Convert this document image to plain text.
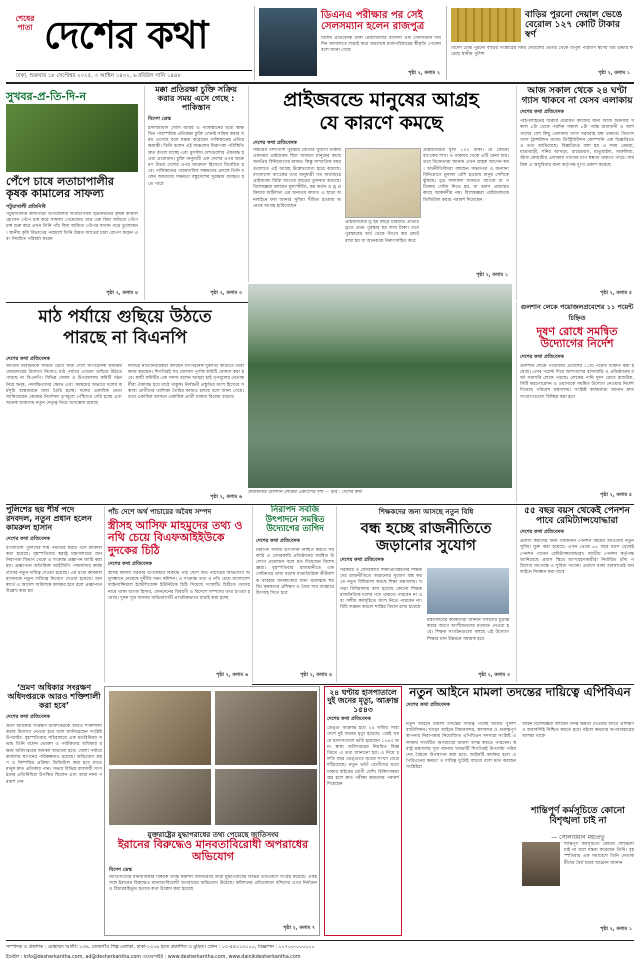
শেষের পাতা দেশের কথা
ঢাকা, শুক্রবার ১৮ সেপ্টেম্বর ২০২৫, ৩ আশ্বিন ১৪৩২, ৬ রবিউস সানি ১৪৪৮
ডিএনএ পরীক্ষার পর সেই সেলসম্যান হলেন রাজপুত্র
বিশেষ প্রতিবেদক ঢাকা নোয়াখালীর বাসিন্দা এক সেলসম্যান দীর্ঘদিন আদালতে লড়াই করে অবশেষে রাজপরিবারের স্বীকৃতি পেলেন বলে জানা গেছে
পৃষ্ঠা ২, কলাম ২
বাড়ির পুরনো দেয়াল ভেঙে বেরোল ১২৭ কোটি টাকার স্বর্ণ
বিদেশ ডেস্ক পুরনো বাড়ির সংস্কারের সময় দেয়ালের ভেতর থেকে বিপুল পরিমাণ স্বর্ণের বার উদ্ধার করেছে স্থানীয় পুলিশ
পৃষ্ঠা ২, কলাম ১
সুখবর-প্র-তি-দি-ন
পেঁপে চাষে লতাচাপালীর কৃষক কামালের সাফল্য
পটুয়াখালী প্রতিনিধি
পটুয়াখালীর কলাপাড়া উপজেলার লতাচাপালী ইউনিয়নের কৃষক কামাল হোসেন পেঁপে চাষ করে সাফল্য পেয়েছেন। মাত্র এক বিঘা জমিতে পেঁপে চাষ শুরু করে এখন তিনি পাঁচ বিঘা জমিতে পেঁপের বাগান গড়ে তুলেছেন। স্থানীয় কৃষি বিভাগের পরামর্শে তিনি উন্নত জাতের চারা রোপণ করেন এবং নিয়মিত পরিচর্যা করেন
পৃষ্ঠা ২, কলাম ৪
মক্কা প্রতিরক্ষা চুক্তি সক্রিয় করার সময় এসে গেছে : পাকিস্তান
বিদেশ ডেস্ক
ইসলামাবাদ সৌদি আরব ও পাকিস্তানের মধ্যে স্বাক্ষরিত পারস্পরিক প্রতিরক্ষা চুক্তি এখনই সক্রিয় করার সময় এসেছে বলে মন্তব্য করেছেন পাকিস্তানের প্রতিরক্ষামন্ত্রী। তিনি বলেন এই অঞ্চলের নিরাপত্তা পরিস্থিতি দ্রুত বদলে যাচ্ছে এবং মুসলিম দেশগুলোর ঐক্যবদ্ধ হওয়া প্রয়োজন। চুক্তি অনুযায়ী এক দেশের ওপর আক্রমণ উভয় দেশের ওপর আক্রমণ হিসেবে বিবেচিত হবে। পাকিস্তানের পারমাণবিক সক্ষমতার প্রসঙ্গে তিনি বলেন আমাদের সক্ষমতা বন্ধুদেশের সুরক্ষায় ব্যবহৃত হতে পারে
পৃষ্ঠা ২, কলাম ৩
প্রাইজবন্ডে মানুষের আগ্রহ
যে কারণে কমছে
দেশের কথা প্রতিবেদক
সঞ্চয়ের পাশাপাশি পুরস্কার জেতার সুযোগ থাকায় একসময় প্রাইজবন্ড ছিল সাধারণ মানুষের কাছে জনপ্রিয় বিনিয়োগের মাধ্যম। কিন্তু সাম্প্রতিক বছরগুলোতে এই আগ্রহ উল্লেখযোগ্য হারে কমেছে। বাংলাদেশ ব্যাংকের তথ্য অনুযায়ী গত অর্থবছরে প্রাইজবন্ড বিক্রি আগের বছরের তুলনায় কমেছে। বিশেষজ্ঞরা বলছেন মূল্যস্ফীতি, কর কর্তন ও ড্র প্রক্রিয়ার জটিলতা এর অন্যতম কারণ। এ ছাড়া অনলাইনে ফল জানার সুবিধা সীমিত হওয়ায় অনেকে আগ্রহ হারিয়েছেন
প্রাইজবন্ডের ড্র হয় বছরে চারবার। প্রতিটি ড্রতে প্রথম পুরস্কার ছয় লাখ টাকা। তবে পুরস্কারের অর্থ থেকে উৎসে কর কেটে রাখা হয় যা অনেককে নিরুৎসাহিত করে
প্রাইজবন্ডের মূল্য ১০০ টাকা। যে কোনো ব্যাংকের শাখা ও ডাকঘর থেকে এটি কেনা যায়। তবে বিক্রেতারা জানান এখন গ্রাহক আসেন কম। অর্থনীতিবিদরা বলছেন সঞ্চয়পত্র ও অন্যান্য বিনিয়োগে মুনাফা বেশি হওয়ায় মানুষ সেদিকে ঝুঁকছে। ড্রর ফলাফল জানতে ব্যাংকে বা পত্রিকায় খোঁজ নিতে হয়, যা তরুণ প্রজন্মের কাছে আকর্ষণীয় নয়। বিশেষজ্ঞরা প্রাইজবন্ডকে ডিজিটাল করার পরামর্শ দিয়েছেন
পৃষ্ঠা ২, কলাম ১
আজ সকাল থেকে ২৪ ঘণ্টা গ্যাস থাকবে না যেসব এলাকায়
দেশের কথা প্রতিবেদক
পাইপলাইনের জরুরি মেরামত কাজের জন্য আজ শুক্রবার সকাল ৮টা থেকে পরদিন সকাল ৮টা পর্যন্ত রাজধানী ও আশপাশের বেশ কিছু এলাকায় গ্যাস সরবরাহ বন্ধ থাকবে। তিতাস গ্যাস ট্রান্সমিশন অ্যান্ড ডিস্ট্রিবিউশন কোম্পানি এক বিজ্ঞপ্তিতে এ তথ্য জানিয়েছে। বিজ্ঞপ্তিতে বলা হয় এ সময় ডেমরা, যাত্রাবাড়ী, শনির আখড়া, রায়েরবাগ, মাতুয়াইল, সারুলিয়া, স্টাফ কোয়ার্টার এলাকায় গ্যাসের চাপ স্বল্পতা থাকতে পারে। সাময়িক এ অসুবিধার জন্য কর্তৃপক্ষ দুঃখ প্রকাশ করেছে
পৃষ্ঠা ২, কলাম ৫
মাঠ পর্যায়ে গুছিয়ে উঠতে
পারছে না বিএনপি
দেশের কথা প্রতিবেদক
জাতীয় নির্বাচনকে সামনে রেখে সারা দেশে সাংগঠনিক কার্যক্রম জোরদারের উদ্যোগ নিলেও মাঠ পর্যায়ে এখনো গুছিয়ে উঠতে পারছে না বিএনপি। বিভিন্ন জেলা ও উপজেলায় কমিটি গঠন নিয়ে দ্বন্দ্ব, পদবঞ্চিতদের ক্ষোভ এবং সমন্বয়ের অভাবে দলের কর্মসূচি বাস্তবায়নে বাধা তৈরি হচ্ছে। দলের একাধিক নেতা জানিয়েছেন কেন্দ্রের নির্দেশনা তৃণমূলে পৌঁছাতে দেরি হচ্ছে এবং অনেক জায়গায় নতুন নেতৃত্ব নিয়ে অসন্তোষ রয়েছে
দলটির নীতিনির্ধারকরা বলছেন সাংগঠনিক দুর্বলতা কাটাতে তারা কাজ করছেন। শিগগিরই সব জেলায় পূর্ণাঙ্গ কমিটি ঘোষণা করা হবে। স্থায়ী কমিটির এক সদস্য বলেন আমরা চাই তৃণমূলের নেতাকর্মীরা ঐক্যবদ্ধ হয়ে মাঠে থাকুক। নির্বাচনী প্রস্তুতির অংশ হিসেবে সম্ভাব্য প্রার্থীদের তালিকা তৈরির কাজও চলছে বলে জানা গেছে। তবে একাধিক আসনে একাধিক প্রার্থী থাকায় বিরোধ বাড়ছে
পৃষ্ঠা ২, কলাম ৬
রাজধানীর গুলশান লেকের একাংশের দৃশ্য — ছবি : দেশের কথা
গুলশান লেকে পয়োজলপ্রবেশের ১১ পয়েন্ট চিহ্নিত
দূষণ রোধে সমন্বিত উদ্যোগের নির্দেশ
দেশের কথা প্রতিবেদক
গুলশান লেকে পয়োবর্জ্য প্রবেশের ১১টি পয়েন্ট চিহ্নিত করা হয়েছে। এসব পয়েন্ট দিয়ে আশপাশের বাসাবাড়ি ও প্রতিষ্ঠানের বর্জ্য সরাসরি লেকে পড়ছে। লেকের পানি দূষণ রোধে রাজউক, সিটি করপোরেশন ও ওয়াসাকে সমন্বিত উদ্যোগ নেওয়ার নির্দেশ দিয়েছে পরিবেশ মন্ত্রণালয়। সংশ্লিষ্ট কর্মকর্তারা জানান দ্রুত সংযোগগুলো বিচ্ছিন্ন করা হবে
পৃষ্ঠা ২, কলাম ৫
পুলিশের ছয় শীর্ষ পদে রদবদল, নতুন প্রধান হলেন কামরুল হাসান
দেশের কথা প্রতিবেদক
বাংলাদেশ পুলিশের শীর্ষ পর্যায়ের ছয়টি পদে রদবদল করা হয়েছে। বৃহস্পতিবার স্বরাষ্ট্র মন্ত্রণালয়ের জননিরাপত্তা বিভাগ থেকে এ সংক্রান্ত প্রজ্ঞাপন জারি করা হয়। প্রজ্ঞাপনে অতিরিক্ত আইজিপি পদমর্যাদার কর্মকর্তাদের নতুন দায়িত্ব দেওয়া হয়েছে। এর মধ্যে কামরুল হাসানকে নতুন দায়িত্বে নিয়োগ দেওয়া হয়েছে। জনস্বার্থে এ আদেশ অবিলম্বে কার্যকর হবে বলে প্রজ্ঞাপনে উল্লেখ করা হয়
পাঁচ দেশে অর্থ পাচারের অবৈধ সম্পদ
স্ত্রীসহ আসিফ মাহমুদের তথ্য ও নথি চেয়ে বিএফআইইউকে দুদকের চিঠি
দেশের কথা প্রতিবেদক
স্ত্রীসহ স্থানীয় সরকার উপদেষ্টার বিরুদ্ধে পাঁচ দেশে অর্থ পাচারের অভিযোগ অনুসন্ধানে নেমেছে দুর্নীতি দমন কমিশন। এ সংক্রান্ত তথ্য ও নথি চেয়ে বাংলাদেশ ফাইন্যান্সিয়াল ইন্টেলিজেন্স ইউনিটকে চিঠি দিয়েছে সংস্থাটি। চিঠিতে তাদের নামে থাকা ব্যাংক হিসাব, লেনদেনের বিবরণী ও বিদেশে সম্পদের তথ্য চাওয়া হয়েছে। দুদক সূত্র জানায় অভিযোগটি প্রাথমিকভাবে যাচাই করা হচ্ছে
পৃষ্ঠা ২, কলাম ৬
নিরাপদ সবজি উৎপাদনে সমন্বিত উদ্যোগের তাগিদ
দেশের কথা প্রতিবেদক
নিরাপদ সবজি উৎপাদন নিশ্চিত করতে সরকারি ও বেসরকারি প্রতিষ্ঠানের সমন্বিত উদ্যোগ প্রয়োজন বলে মত দিয়েছেন বিশেষজ্ঞরা। বৃহস্পতিবার রাজধানীতে এক সেমিনারে তারা বলেন মাত্রাতিরিক্ত কীটনাশক ব্যবহার জনস্বাস্থ্যের জন্য মারাত্মক হুমকি। কৃষকদের প্রশিক্ষণ ও জৈব সার ব্যবহারে উৎসাহ দিতে হবে
পৃষ্ঠা ২, কলাম ৪
শিক্ষকদের জন্য আসছে নতুন বিধি
বন্ধ হচ্ছে রাজনীতিতে
জড়ানোর সুযোগ
দেশের কথা প্রতিবেদক
সরকারি ও বেসরকারি শিক্ষাপ্রতিষ্ঠানের শিক্ষকদের রাজনীতিতে জড়ানোর সুযোগ বন্ধ করতে নতুন বিধিমালা করছে শিক্ষা মন্ত্রণালয়। খসড়া বিধিমালায় বলা হয়েছে কোনো শিক্ষক রাজনৈতিক দলের পদে থাকতে পারবেন না এবং দলীয় কর্মসূচিতে অংশ নিতে পারবেন না। বিধি লঙ্ঘন করলে শাস্তির বিধান রাখা হয়েছে
মন্ত্রণালয়ের কর্মকর্তারা জানান খসড়াটি চূড়ান্ত করার আগে অংশীজনদের মতামত নেওয়া হবে। শিক্ষক সংগঠনগুলো বলছে এই উদ্যোগ শিক্ষার মান উন্নয়নে সহায়ক হবে
পৃষ্ঠা ২, কলাম ৩
৫৫ বছর বয়স থেকেই পেনশন পাবে রেমিট্যান্সযোদ্ধারা
দেশের কথা প্রতিবেদক
প্রবাসী কর্মীদের জন্য সর্বজনীন পেনশন স্কিমের আওতায় নতুন সুবিধা যুক্ত করা হয়েছে। এখন থেকে ৫৫ বছর বয়স থেকেই পেনশন পাবেন রেমিট্যান্সযোদ্ধারা। জাতীয় পেনশন কর্তৃপক্ষ জানিয়েছে প্রবাস স্কিমে অংশগ্রহণকারীরা নির্ধারিত চাঁদা পরিশোধ সাপেক্ষে এ সুবিধা পাবেন। প্রবাসে থাকা অবস্থাতেই অনলাইনে নিবন্ধন করা যাবে
‘ভ্রমণ অধিকার সংরক্ষণ অধিদপ্তরকে আরও শক্তিশালী করা হবে’
দেশের কথা প্রতিবেদক
ভ্রমণ অধিকার সংরক্ষণ অধিদপ্তরকে আরও শক্তিশালী করার উদ্যোগ নেওয়া হবে বলে জানিয়েছেন সংশ্লিষ্ট উপদেষ্টা। বৃহস্পতিবার সচিবালয়ে এক মতবিনিময় সভায় তিনি বলেন ভোক্তা ও পর্যটকদের অধিকার রক্ষায় অধিদপ্তরের জনবল বাড়ানো হবে। জেলা পর্যায়ে কার্যালয় স্থাপনের পরিকল্পনাও রয়েছে। অভিযোগ গ্রহণ ও নিষ্পত্তির প্রক্রিয়া ডিজিটাল করা হবে যাতে মানুষ দ্রুত প্রতিকার পান। সভায় বিভিন্ন ব্যবসায়ী সংগঠনের প্রতিনিধিরা উপস্থিত ছিলেন এবং তারা নানা পরামর্শ দেন
যুক্তরাষ্ট্রের যুদ্ধাপরাধের তথ্য পেয়েছে জাতিসংঘ
ইরানের বিরুদ্ধেও মানবতাবিরোধী অপরাধের অভিযোগ
বিদেশ ডেস্ক
জাতিসংঘের মানবাধিকার বিষয়ক তদন্ত কমিশন জানিয়েছে তারা যুদ্ধাপরাধের বিভিন্ন তথ্যপ্রমাণ সংগ্রহ করেছে। একই সঙ্গে ইরানের বিরুদ্ধেও মানবতাবিরোধী অপরাধের অভিযোগ উঠেছে। কমিশনের প্রতিবেদনে বন্দিদের ওপর নির্যাতন ও বিচারবহির্ভূত হত্যার কথা উল্লেখ করা হয়েছে
পৃষ্ঠা ২, কলাম ৭
২৪ ঘণ্টায় হাসপাতালে দুই জনের মৃত্যু, আক্রান্ত ১৫৪৩
দেশের কথা প্রতিবেদক
ডেঙ্গু আক্রান্ত হয়ে ২৪ ঘণ্টায় সারা দেশে দুই জনের মৃত্যু হয়েছে। একই সময়ে হাসপাতালে ভর্তি হয়েছেন ১৫৪৩ জন। স্বাস্থ্য অধিদপ্তরের নিয়মিত বিজ্ঞপ্তিতে এ তথ্য জানানো হয়। এ নিয়ে চলতি বছর ডেঙ্গুতে মৃতের সংখ্যা বেড়ে দাঁড়িয়েছে। নতুন ভর্তি রোগীদের মধ্যে ঢাকার বাইরের রোগী বেশি। চিকিৎসকরা জ্বর হলে দ্রুত পরীক্ষা করানোর পরামর্শ দিয়েছেন
নতুন আইনে মামলা তদন্তের দায়িত্বে এপিবিএন
দেশের কথা প্রতিবেদক
নতুন আইনে মামলা তদন্তের দায়িত্ব পাচ্ছে আর্মড পুলিশ ব্যাটালিয়ন। খসড়া আইনে বিমানবন্দর, স্থলবন্দর ও গুরুত্বপূর্ণ স্থাপনার নিরাপত্তায় নিয়োজিত এপিবিএন সদস্যরা সংশ্লিষ্ট এলাকায় সংঘটিত অপরাধের মামলা তদন্ত করতে পারবেন। স্বরাষ্ট্র মন্ত্রণালয় সূত্র জানায় খসড়াটি শিগগিরই উপদেষ্টা পরিষদের বৈঠকে উপস্থাপন করা হবে। আইনটি কার্যকর হলে এপিবিএনের ক্ষমতা ও দায়িত্ব দুটোই বাড়বে বলে মনে করছেন সংশ্লিষ্টরা
আইন বিশেষজ্ঞরা বলছেন তদন্ত ক্ষমতা দেওয়ার আগে প্রশিক্ষণ ও জবাবদিহি নিশ্চিত করতে হবে। নইলে ক্ষমতার অপব্যবহারের আশঙ্কা থাকে
শান্তিপূর্ণ কর্মসূচিতে কোনো বিশৃঙ্খলা চাই না
— সোলায়মান মহাপ্রভু
শান্তিপূর্ণ কর্মসূচিতে কোনো বিশৃঙ্খলা চাই না বলে মন্তব্য করেছেন তিনি। বৃহস্পতিবার এক সমাবেশে তিনি নেতাকর্মীদের ধৈর্য ধরার আহ্বান জানান
পৃষ্ঠা ২, কলাম ১
সম্পাদক ও প্রকাশক : মোহাম্মদ আলী। ১৩৬, তেজগাঁও শিল্প এলাকা, ঢাকা-১২০৮ হতে প্রকাশিত ও মুদ্রিত। ফোন : ০২-৫৫০১৩০০০, বিজ্ঞাপন : ০১৭০০-০০০০০০
ইমেইল : info@desherkantha.com, ad@desherkantha.com ওয়েবসাইট : www.desherkantha.com, www.dainikdesherkantha.com
